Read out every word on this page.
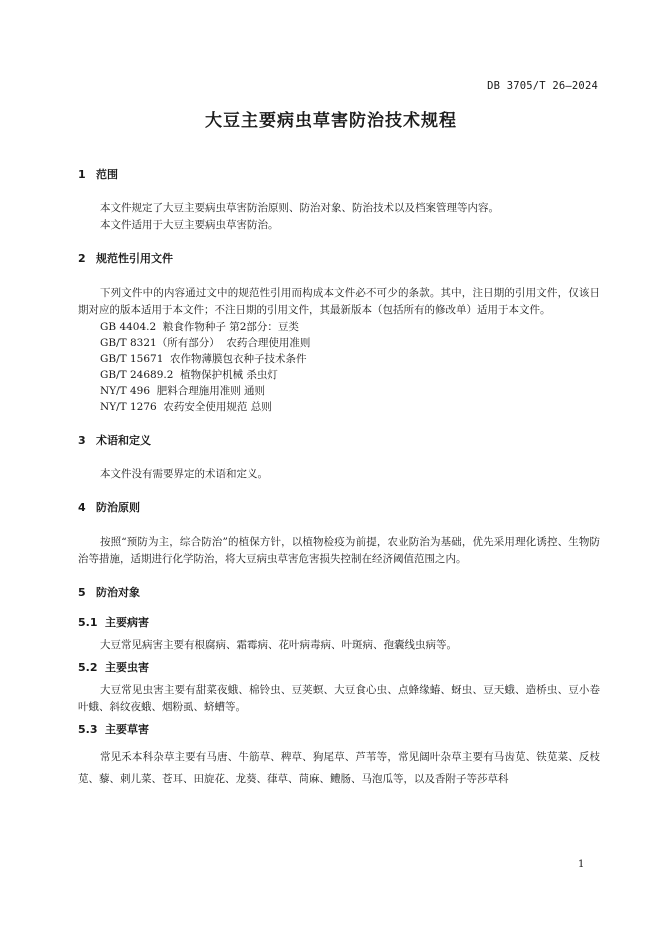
DB 3705/T 26—2024
大豆主要病虫草害防治技术规程
1 范围

本文件规定了大豆主要病虫草害防治原则、防治对象、防治技术以及档案管理等内容。

本文件适用于大豆主要病虫草害防治。

2 规范性引用文件

下列文件中的内容通过文中的规范性引用而构成本文件必不可少的条款。其中，注日期的引用文件，仅该日期对应的版本适用于本文件；不注日期的引用文件，其最新版本（包括所有的修改单）适用于本文件。

GB 4404.2  粮食作物种子 第2部分：豆类

GB/T 8321（所有部分）  农药合理使用准则

GB/T 15671  农作物薄膜包衣种子技术条件

GB/T 24689.2  植物保护机械 杀虫灯

NY/T 496  肥料合理施用准则 通则

NY/T 1276  农药安全使用规范 总则

3 术语和定义

本文件没有需要界定的术语和定义。

4 防治原则

按照“预防为主，综合防治”的植保方针，以植物检疫为前提，农业防治为基础，优先采用理化诱控、生物防治等措施，适期进行化学防治，将大豆病虫草害危害损失控制在经济阈值范围之内。

5 防治对象
5.1 主要病害

大豆常见病害主要有根腐病、霜霉病、花叶病毒病、叶斑病、孢囊线虫病等。

5.2 主要虫害

大豆常见虫害主要有甜菜夜蛾、棉铃虫、豆荚螟、大豆食心虫、点蜂缘蝽、蚜虫、豆天蛾、造桥虫、豆小卷叶蛾、斜纹夜蛾、烟粉虱、蛴螬等。

5.3 主要草害

常见禾本科杂草主要有马唐、牛筋草、稗草、狗尾草、芦苇等，常见阔叶杂草主要有马齿苋、铁苋菜、反枝苋、藜、刺儿菜、苍耳、田旋花、龙葵、葎草、苘麻、鳢肠、马泡瓜等，以及香附子等莎草科

1
